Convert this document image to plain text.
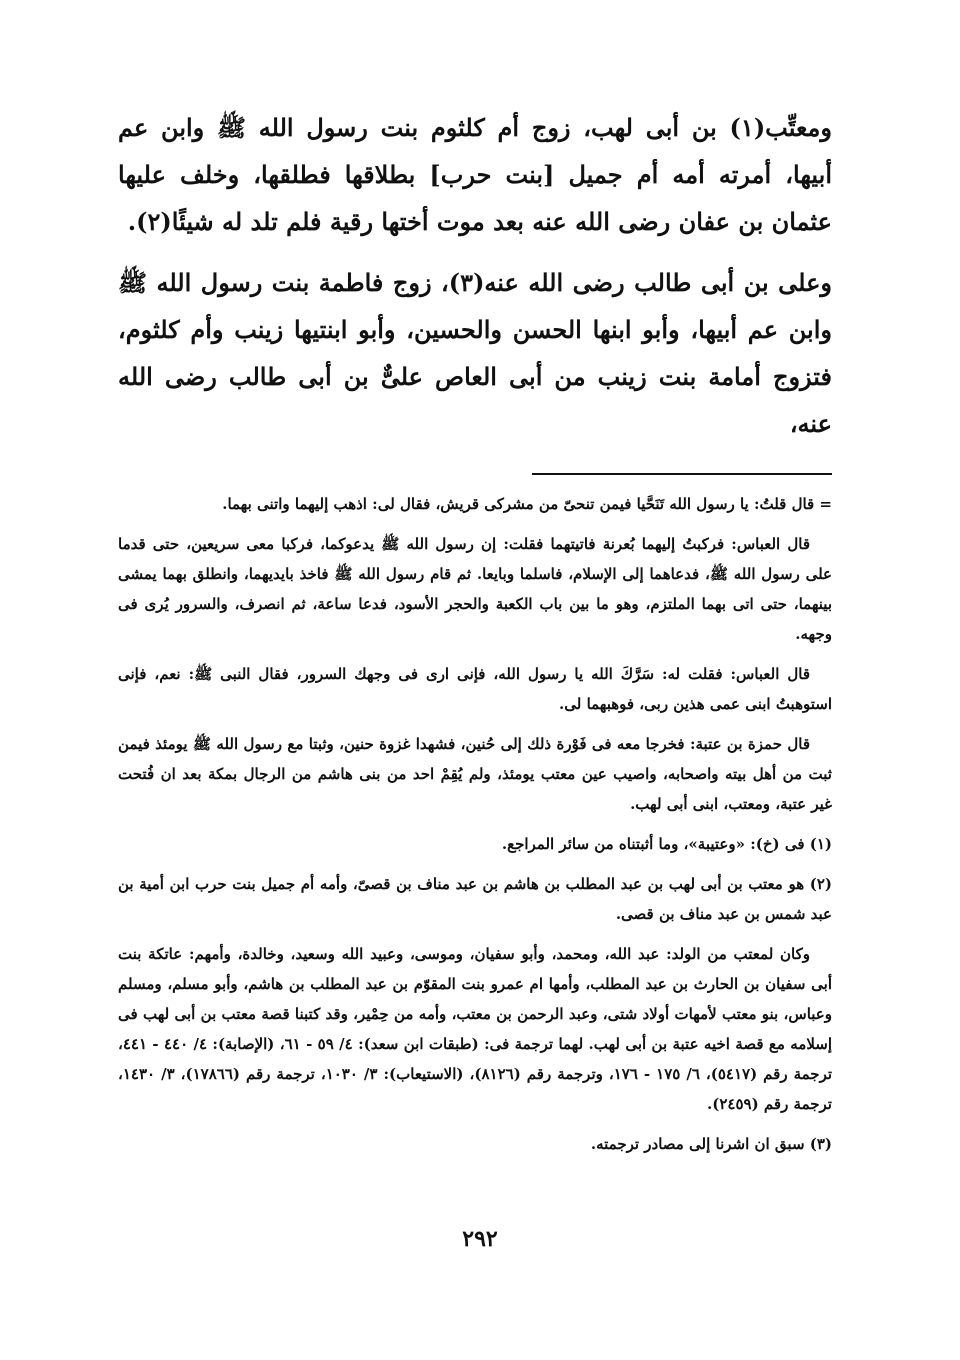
ومعتِّب(١) بن أبى لهب، زوج أم كلثوم بنت رسول الله ﷺ وابن عم أبيها، أمرته أمه أم جميل [بنت حرب] بطلاقها فطلقها، وخلف عليها عثمان بن عفان رضى الله عنه بعد موت أختها رقية فلم تلد له شيئًا(٢).

وعلى بن أبى طالب رضى الله عنه(٣)، زوج فاطمة بنت رسول الله ﷺ وابن عم أبيها، وأبو ابنها الحسن والحسين، وأبو ابنتيها زينب وأم كلثوم، فتزوج أمامة بنت زينب من أبى العاص علىٌّ بن أبى طالب رضى الله عنه،

= قال قلتُ: يا رسول الله تَنَحَّيا فيمن تنحىّ من مشركى قريش، فقال لى: اذهب إليهما واتنى بهما.

قال العباس: فركبتُ إليهما بُعرنة فاتيتهما فقلت: إن رسول الله ﷺ يدعوكما، فركبا معى سريعين، حتى قدما على رسول الله ﷺ، فدعاهما إلى الإسلام، فاسلما وبايعا. ثم قام رسول الله ﷺ فاخذ بايديهما، وانطلق بهما يمشى بينهما، حتى اتى بهما الملتزم، وهو ما بين باب الكعبة والحجر الأسود، فدعا ساعة، ثم انصرف، والسرور يُرى فى وجهه.

قال العباس: فقلت له: سَرَّكَ الله يا رسول الله، فإنى ارى فى وجهك السرور، فقال النبى ﷺ: نعم، فإنى استوهبتُ ابنى عمى هذين ربى، فوهبهما لى.

قال حمزة بن عتبة: فخرجا معه فى فَوْرة ذلك إلى حُنين، فشهدا غزوة حنين، وثبتا مع رسول الله ﷺ يومئذ فيمن ثبت من أهل بيته واصحابه، واصيب عين معتب يومئذ، ولم يُقِمْ احد من بنى هاشم من الرجال بمكة بعد ان فُتحت غير عتبة، ومعتب، ابنى أبى لهب.

(١) فى (خ): «وعتيبة»، وما أثبتناه من سائر المراجع.

(٢) هو معتب بن أبى لهب بن عبد المطلب بن هاشم بن عبد مناف بن قصىّ، وأمه أم جميل بنت حرب ابن أمية بن عبد شمس بن عبد مناف بن قصى.

وكان لمعتب من الولد: عبد الله، ومحمد، وأبو سفيان، وموسى، وعبيد الله وسعيد، وخالدة، وأمهم: عاتكة بنت أبى سفيان بن الحارث بن عبد المطلب، وأمها ام عمرو بنت المقوّم بن عبد المطلب بن هاشم، وأبو مسلم، ومسلم وعباس، بنو معتب لأمهات أولاد شتى، وعبد الرحمن بن معتب، وأمه من حِمْير، وقد كتبنا قصة معتب بن أبى لهب فى إسلامه مع قصة اخيه عتبة بن أبى لهب. لهما ترجمة فى: (طبقات ابن سعد): ٤/ ٥٩ - ٦١، (الإصابة): ٤/ ٤٤٠ - ٤٤١، ترجمة رقم (٥٤١٧)، ٦/ ١٧٥ - ١٧٦، وترجمة رقم (٨١٢٦)، (الاستيعاب): ٣/ ١٠٣٠، ترجمة رقم (١٧٨٦٦)، ٣/ ١٤٣٠، ترجمة رقم (٢٤٥٩).

(٣) سبق ان اشرنا إلى مصادر ترجمته.

٢٩٢
